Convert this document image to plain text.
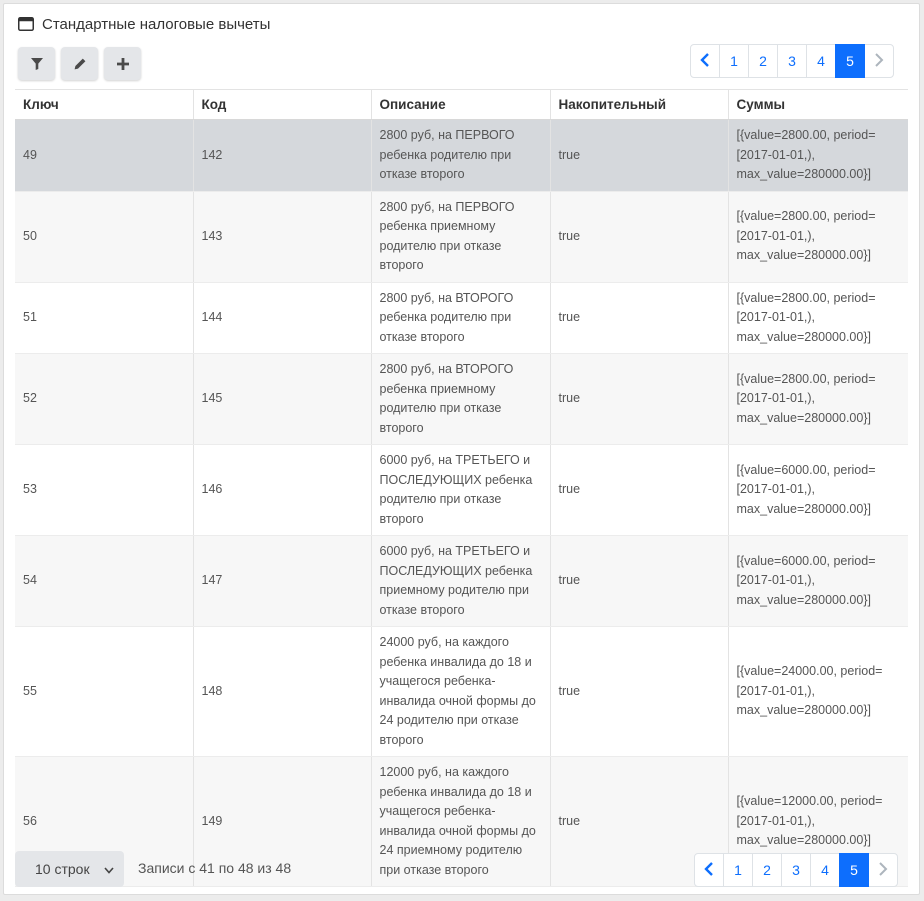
Стандартные налоговые вычеты
1	2	3	4	5
Ключ	Код	Описание	Накопительный	Суммы
49	142	2800 руб, на ПЕРВОГО ребенка родителю при отказе второго	true	[{value=2800.00, period=[2017-01-01,), max_value=280000.00}]
50	143	2800 руб, на ПЕРВОГО ребенка приемному родителю при отказе второго	true	[{value=2800.00, period=[2017-01-01,), max_value=280000.00}]
51	144	2800 руб, на ВТОРОГО ребенка родителю при отказе второго	true	[{value=2800.00, period=[2017-01-01,), max_value=280000.00}]
52	145	2800 руб, на ВТОРОГО ребенка приемному родителю при отказе второго	true	[{value=2800.00, period=[2017-01-01,), max_value=280000.00}]
53	146	6000 руб, на ТРЕТЬЕГО и ПОСЛЕДУЮЩИХ ребенка родителю при отказе второго	true	[{value=6000.00, period=[2017-01-01,), max_value=280000.00}]
54	147	6000 руб, на ТРЕТЬЕГО и ПОСЛЕДУЮЩИХ ребенка приемному родителю при отказе второго	true	[{value=6000.00, period=[2017-01-01,), max_value=280000.00}]
55	148	24000 руб, на каждого ребенка инвалида до 18 и учащегося ребенка-инвалида очной формы до 24 родителю при отказе второго	true	[{value=24000.00, period=[2017-01-01,), max_value=280000.00}]
56	149	12000 руб, на каждого ребенка инвалида до 18 и учащегося ребенка-инвалида очной формы до 24 приемному родителю при отказе второго	true	[{value=12000.00, period=[2017-01-01,), max_value=280000.00}]
10 строк	Записи с 41 по 48 из 48	1	2	3	4	5
